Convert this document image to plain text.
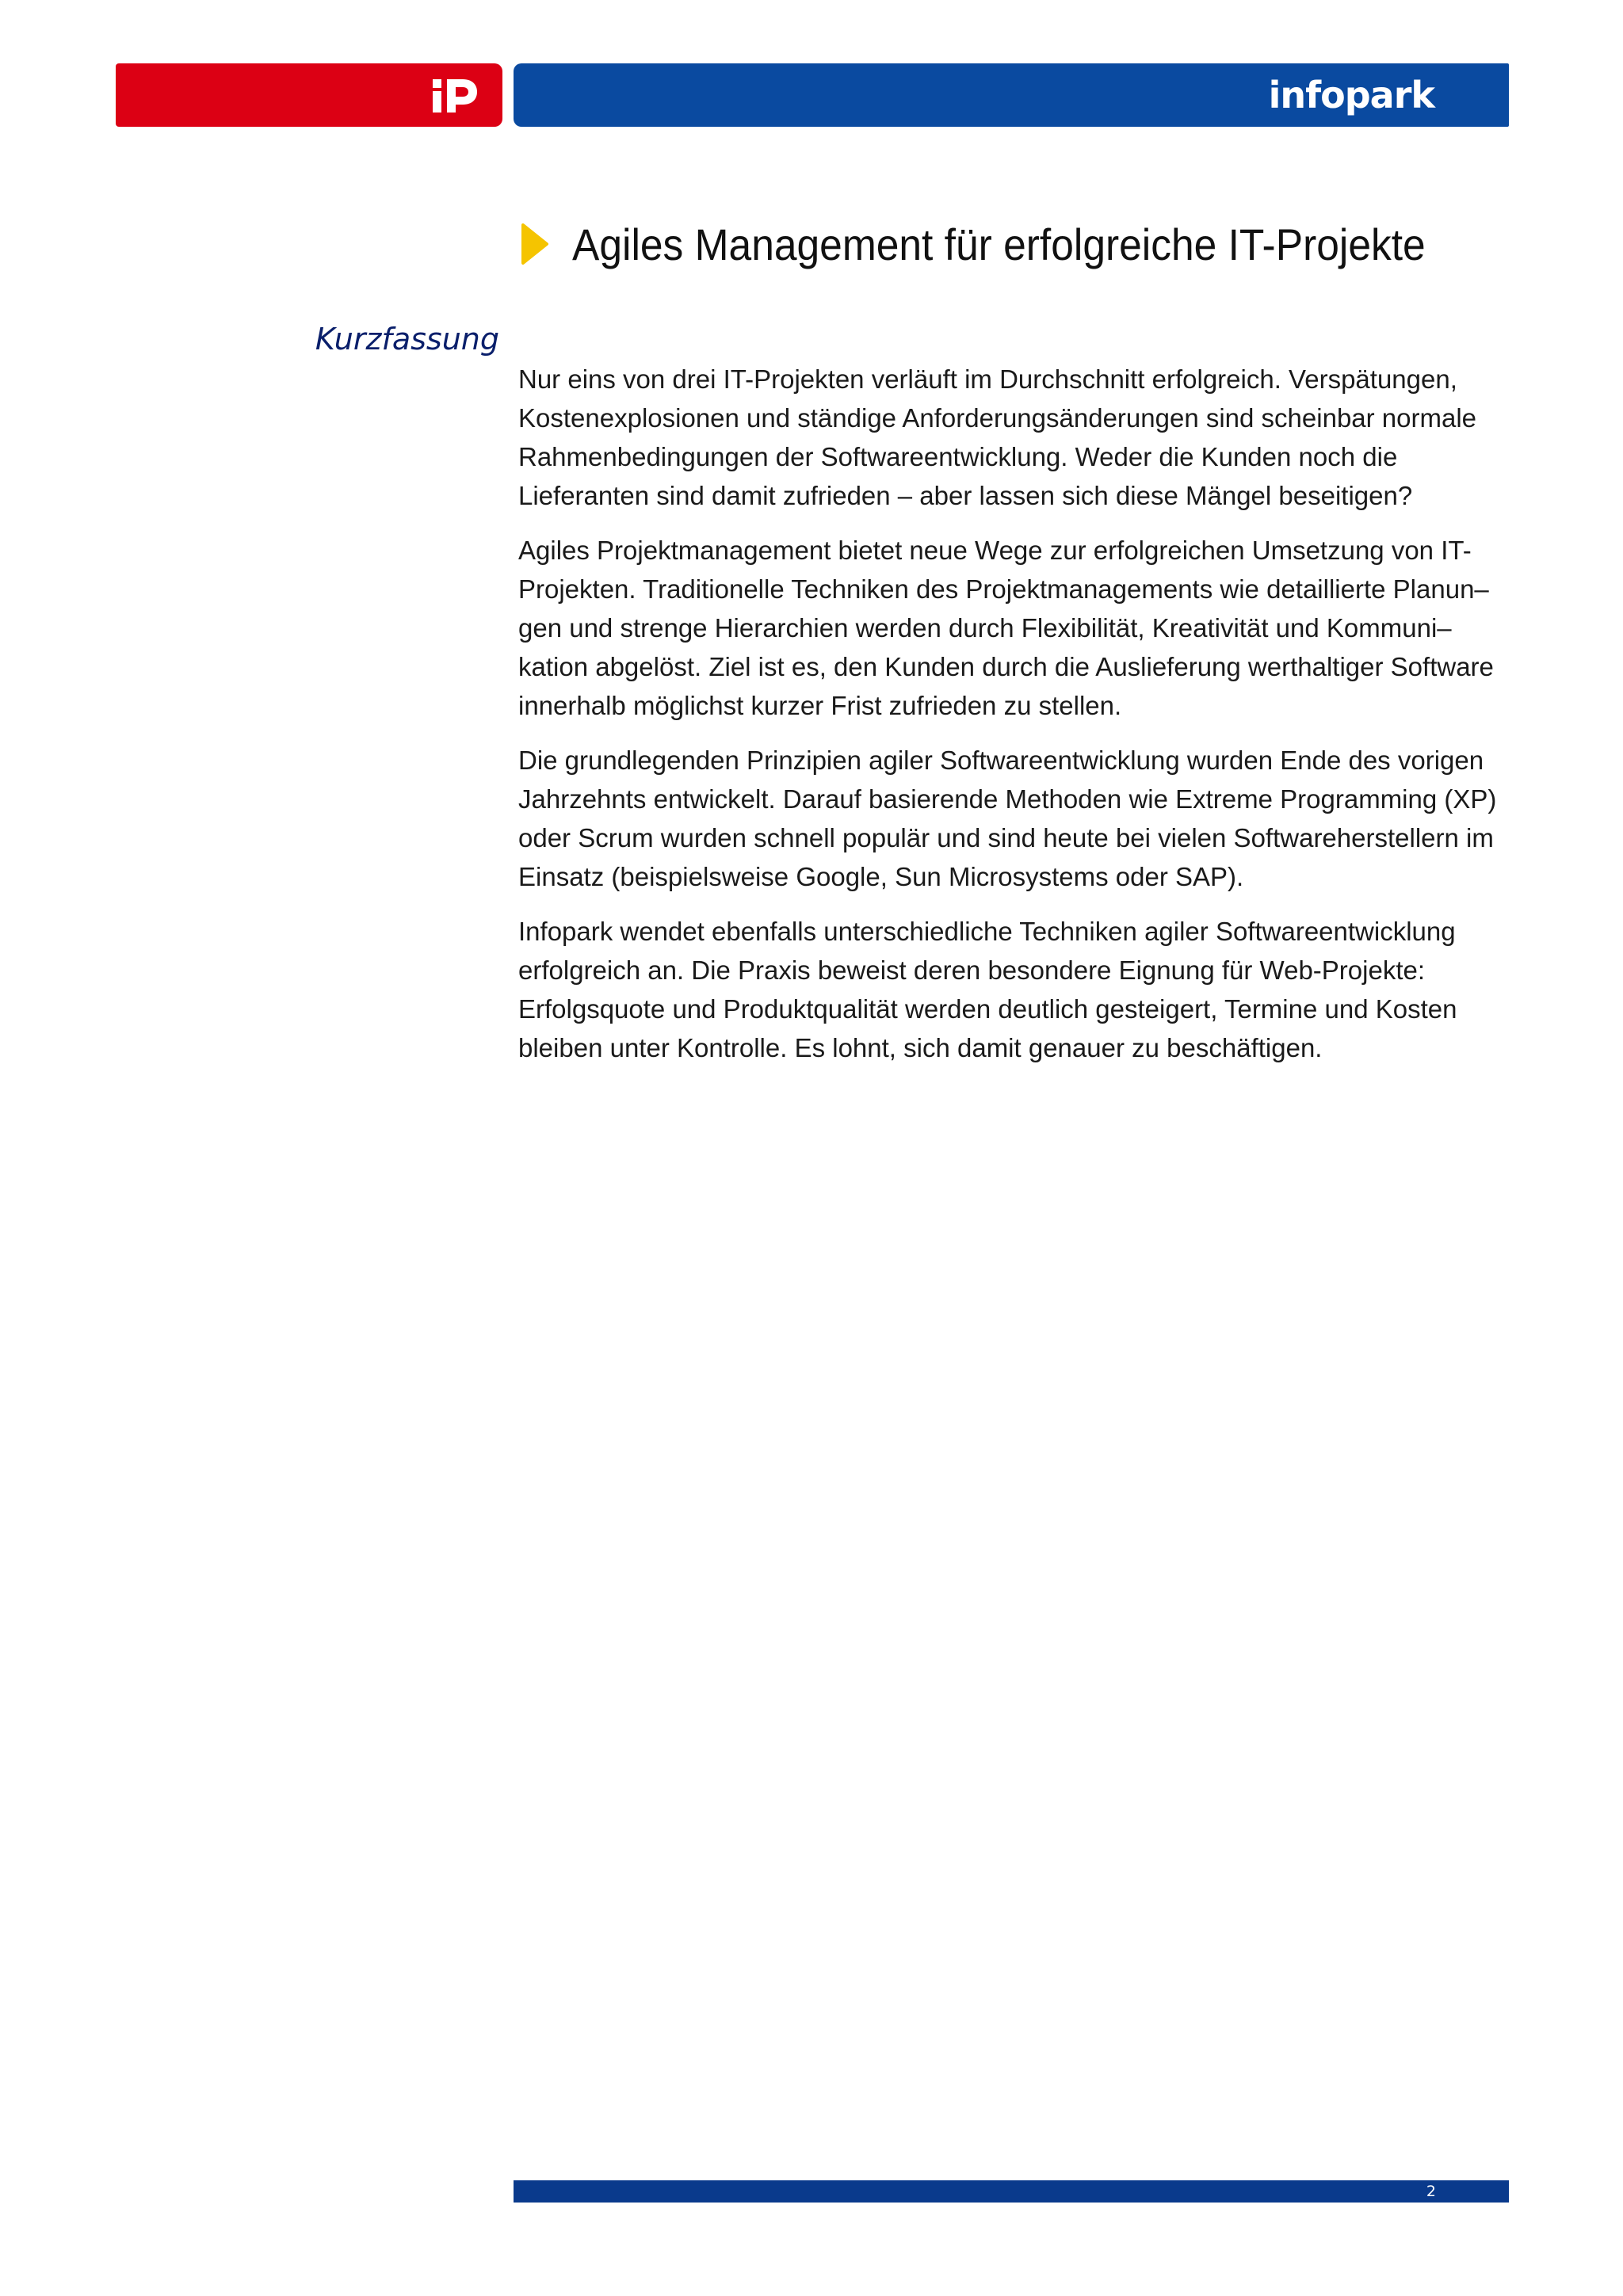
infopark
Agiles Management für erfolgreiche IT-Projekte
Kurzfassung

Nur eins von drei IT-Projekten verläuft im Durchschnitt erfolgreich. Verspätungen, Kostenexplosionen und ständige Anforderungsänderungen sind scheinbar normale Rahmenbedingungen der Softwareentwicklung. Weder die Kunden noch die Lieferanten sind damit zufrieden – aber lassen sich diese Mängel beseitigen?

Agiles Projektmanagement bietet neue Wege zur erfolgreichen Umsetzung von IT-Projekten. Traditionelle Techniken des Projektmanagements wie detaillierte Planun–gen und strenge Hierarchien werden durch Flexibilität, Kreativität und Kommuni–kation abgelöst. Ziel ist es, den Kunden durch die Auslieferung werthaltiger Software innerhalb möglichst kurzer Frist zufrieden zu stellen.

Die grundlegenden Prinzipien agiler Softwareentwicklung wurden Ende des vorigen Jahrzehnts entwickelt. Darauf basierende Methoden wie Extreme Programming (XP) oder Scrum wurden schnell populär und sind heute bei vielen Softwareherstellern im Einsatz (beispielsweise Google, Sun Microsystems oder SAP).

Infopark wendet ebenfalls unterschiedliche Techniken agiler Softwareentwicklung erfolgreich an. Die Praxis beweist deren besondere Eignung für Web-Projekte: Erfolgsquote und Produktqualität werden deutlich gesteigert, Termine und Kosten bleiben unter Kontrolle. Es lohnt, sich damit genauer zu beschäftigen.

2
